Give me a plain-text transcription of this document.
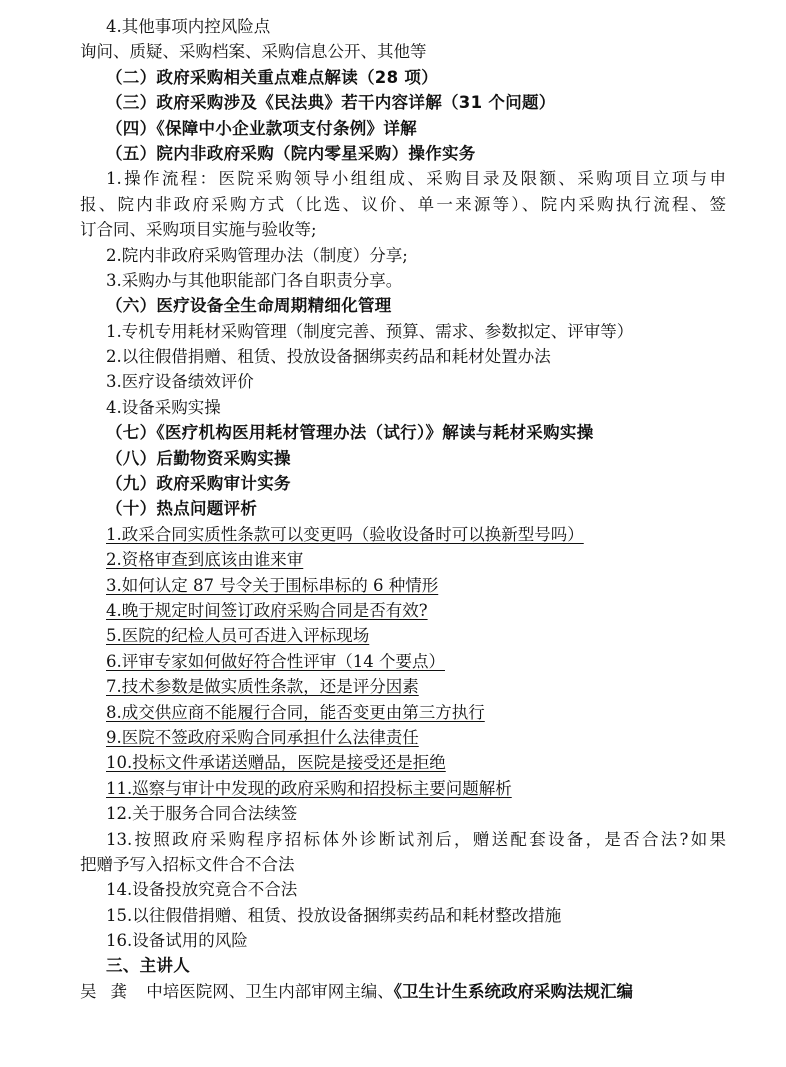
4.其他事项内控风险点
询问、质疑、采购档案、采购信息公开、其他等
（二）政府采购相关重点难点解读（28 项）
（三）政府采购涉及《民法典》若干内容详解（31 个问题）
（四）《保障中小企业款项支付条例》详解
（五）院内非政府采购（院内零星采购）操作实务
1.操作流程：医院采购领导小组组成、采购目录及限额、采购项目立项与申
报、院内非政府采购方式（比选、议价、单一来源等）、院内采购执行流程、签
订合同、采购项目实施与验收等;
2.院内非政府采购管理办法（制度）分享;
3.采购办与其他职能部门各自职责分享。
（六）医疗设备全生命周期精细化管理
1.专机专用耗材采购管理（制度完善、预算、需求、参数拟定、评审等）
2.以往假借捐赠、租赁、投放设备捆绑卖药品和耗材处置办法
3.医疗设备绩效评价
4.设备采购实操
（七）《医疗机构医用耗材管理办法（试行）》解读与耗材采购实操
（八）后勤物资采购实操
（九）政府采购审计实务
（十）热点问题评析
1.政采合同实质性条款可以变更吗（验收设备时可以换新型号吗）
2.资格审查到底该由谁来审
3.如何认定 87 号令关于围标串标的 6 种情形
4.晚于规定时间签订政府采购合同是否有效?
5.医院的纪检人员可否进入评标现场
6.评审专家如何做好符合性评审（14 个要点）
7.技术参数是做实质性条款，还是评分因素
8.成交供应商不能履行合同，能否变更由第三方执行
9.医院不签政府采购合同承担什么法律责任
10.投标文件承诺送赠品，医院是接受还是拒绝
11.巡察与审计中发现的政府采购和招投标主要问题解析
12.关于服务合同合法续签
13.按照政府采购程序招标体外诊断试剂后，赠送配套设备，是否合法?如果
把赠予写入招标文件合不合法
14.设备投放究竟合不合法
15.以往假借捐赠、租赁、投放设备捆绑卖药品和耗材整改措施
16.设备试用的风险
三、主讲人
吴龚 中培医院网、卫生内部审网主编、《卫生计生系统政府采购法规汇编
